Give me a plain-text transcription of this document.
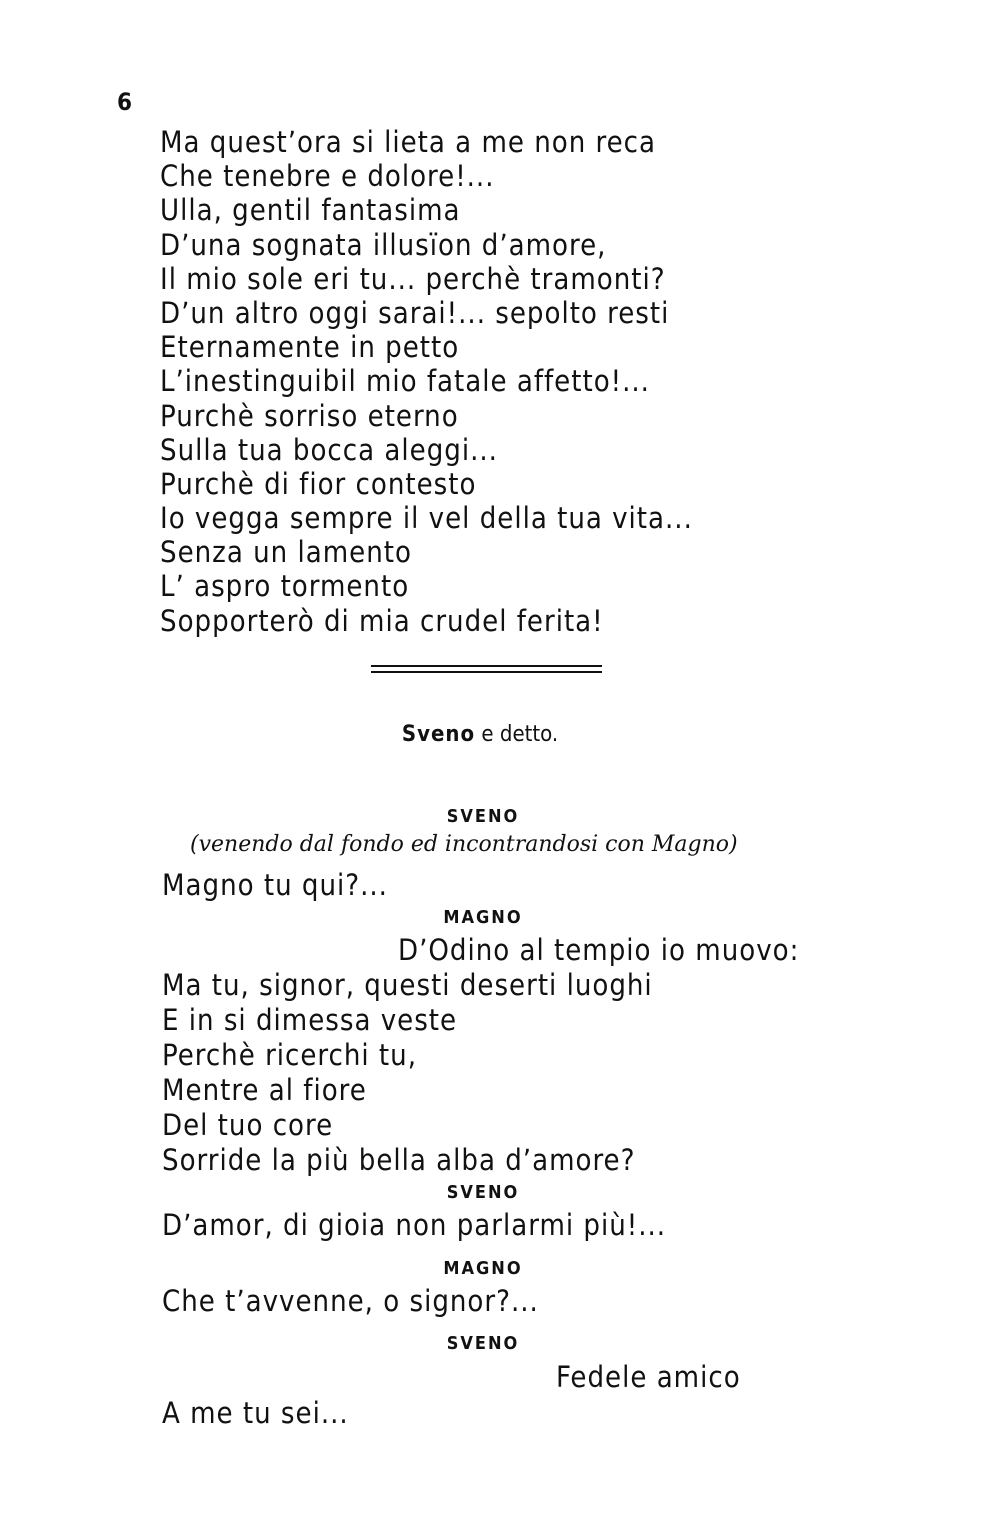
6
Ma quest’ora si lieta a me non reca
Che tenebre e dolore!...
Ulla, gentil fantasima
D’una sognata illusïon d’amore,
Il mio sole eri tu... perchè tramonti?
D’un altro oggi sarai!... sepolto resti
Eternamente in petto
L’inestinguibil mio fatale affetto!...
Purchè sorriso eterno
Sulla tua bocca aleggi...
Purchè di fior contesto
Io vegga sempre il vel della tua vita...
Senza un lamento
L’ aspro tormento
Sopporterò di mia crudel ferita!
Sveno e detto.
SVENO
(venendo dal fondo ed incontrandosi con Magno)
Magno tu qui?...
MAGNO
D’Odino al tempio io muovo:
Ma tu, signor, questi deserti luoghi
E in si dimessa veste
Perchè ricerchi tu,
Mentre al fiore
Del tuo core
Sorride la più bella alba d’amore?
SVENO
D’amor, di gioia non parlarmi più!...
MAGNO
Che t’avvenne, o signor?...
SVENO
Fedele amico
A me tu sei...
